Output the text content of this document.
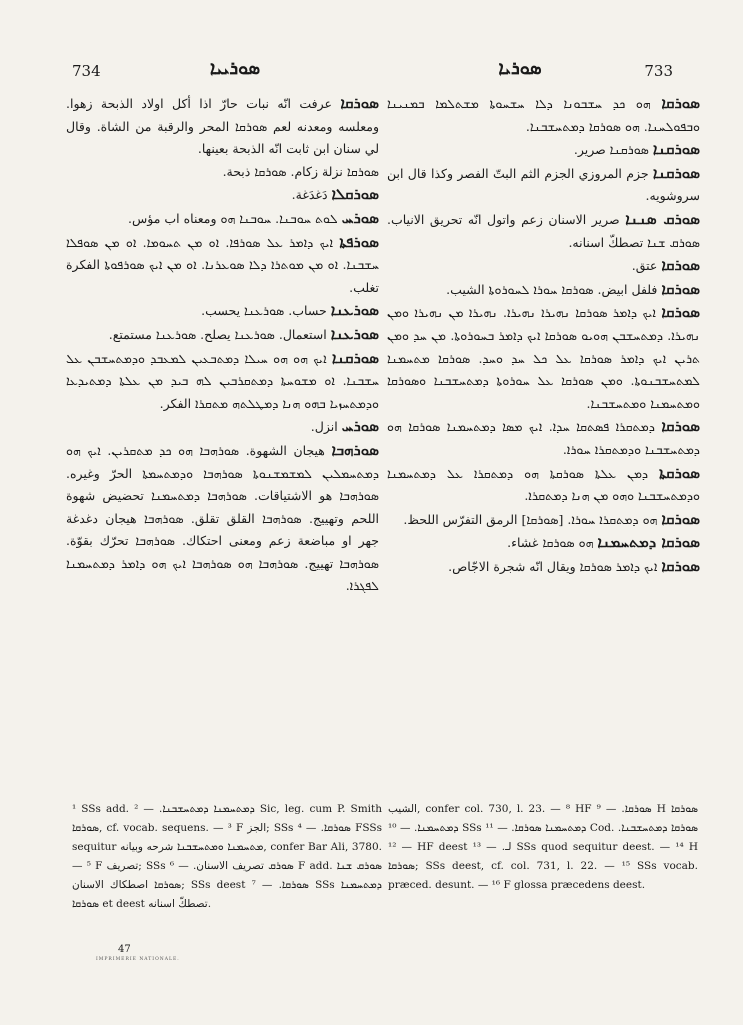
734	ܣܘܪܝܝܐ	ܣܘܪܝܐ	733

ܣܘܪܩܐ عرفت انّه نبات حارّ اذا أكل اولاد الذبحة زهوا. ومعلسه ومعدنه لعم ܣܘܪܩܐ المحر والرقبة من الشاة. وقال لي سنان ابن ثابت انّه الذبحة بعينها.

ܣܘܪܩܐ نزلة زكام. ܣܘܪܩܐ ذبحة.

ܣܘܪܩܠܐ دَغدَغة.

ܣܘܪܚ ܠܘܬ ܚܘܒܢܐ. ܚܘܒܢܐ ܗܘ ومعناه اب مؤس.

ܣܘܪܦܬܐ ܐܝܟ ܕܐܡܪ ܥܠ ܣܘܪܦܐ. ܐܘ ܡܢ ܬܚܘܡܐ. ܐܘ ܡܢ ܣܘܦܠܐ ܚܫܒܢܐ. ܐܘ ܡܢ ܡܘܬܪܐ ܕܠܐ ܣܘܥܪܢܐ. ܐܘ ܡܢ ܐܝܟ ܣܘܪܦܘܬܐ الفكرة تغلب.

ܣܘܪܥܢܐ حساب. ܣܘܪܥܢܐ يحسب.

ܣܘܪܥܢܐ استعمال. ܣܘܪܥܢܐ يصلح. ܣܘܪܥܢܐ مستمتع.

ܣܘܪܩܢܐ ܐܝܟ ܗܘ ܗܘ ܚܝܠܐ ܕܡܬܒܥܝܢ ܠܡܥܒܕ ܘܕܡܬܚܫܒܢ ܥܠ ܚܫܒܢܐ. ܐܘ ܡܫܘܚܬܐ ܕܡܬܩܪܒܝܢ ܠܗ ܒܝܕ ܡܢ ܥܠܬܐ ܕܡܬܝܕܥܐ ܘܕܡܬܚܙܝܐ ܒܗܘ ܗܢܐ ܕܡܛܠܬܗ ܡܬܩܪܐ الفكر.

ܣܘܪܚ انزل.

ܣܘܪܗܒܐ هيجان الشهوة. ܣܘܪܗܒܐ ܗܘ ܟܕ ܡܬܩܪܝܢ. ܐܝܟ ܗܘ ܕܡܬܚܡܠܝܢ ܠܡܫܡܫܢܘܬܐ ܣܘܪܗܒܐ ܘܕܡܬܚܡܬܐ الحرّ وغيره. ܣܘܪܗܒܐ هو الاشتياقات. ܣܘܪܗܒܐ ܕܡܬܚܡܢܐ تحضيض شهوة اللحم وتهييج. ܣܘܪܗܒܐ القلق تقلق. ܣܘܪܗܒܐ هيجان دغدغة جهر او مباضعة زعم ومعنى احتكاك. ܣܘܪܗܒܐ تحرّك بقوّة. ܣܘܪܗܒܐ تهييج. ܣܘܪܗܒܐ ܗܘ ܣܘܪܗܒܐ ܐܝܟ ܗܘ ܕܐܡܪ ܕܡܬܚܡܢܐ ܠܦܓܪܐ.

ܣܘܪܩܐ ܗܘ ܟܕ ܚܫܒܘܢܐ ܕܠܐ ܚܫܚܘܬܐ ܡܫܬܠܡܐ ܒܡܢܝܢܐ ܘܒܦܘܠܚܢܐ. ܗܘ ܣܘܪܩܐ ܕܡܬܚܫܒܢܐ.

ܣܘܪܩܢܐ ܣܘܪܩܢܐ صرير.

ܣܘܪܩܢܐ جزم المروزي الجزم الثم البتّ الفصر وكذا قال ابن سروشويه.

ܣܘܪܩ ܣܢܢܐ صرير الاسنان زعم واتول انّه تحريق الانياب. ܣܘܪܩ ܫܢܐ تصطكّ اسنانه.

ܣܘܪܩܐ عتق.

ܣܘܪܩܐ فلفل ابيض. ܣܘܪܩܐ ܚܘܪܐ ܠܚܘܪܘܬܐ الشيب.

ܣܘܪܩܐ ܐܝܟ ܕܐܡܪ ܣܘܪܩܐ ܢܗܝܪܐ ܢܗܝܪܐ. ܢܗܝܪܐ ܡܢ ܢܗܝܪܐ ܘܡܢ ܢܗܝܪܐ. ܕܡܬܚܫܒܢ ܗܘܝܘ ܣܘܪܩܐ ܐܝܟ ܕܐܡܪ ܒܚܘܪܘܬܐ. ܡܢ ܚܕ ܘܡܢ ܬܪܝܢ ܐܝܟ ܕܐܡܪ ܣܘܪܩܐ ܥܠ ܟܠ ܚܕ ܘܚܕ. ܣܘܪܩܐ ܡܬܚܡܢܐ ܠܡܬܚܫܒܢܘܬܐ. ܘܡܢ ܣܘܪܩܐ ܥܠ ܚܘܪܘܬܐ ܕܡܬܚܫܒܢܐ ܘܣܘܪܩܐ ܘܡܬܚܡܢܐ ܘܡܬܚܫܒܢܐ.

ܣܘܪܩܐ ܕܡܬܩܪܐ ܦܣܬܩܐ ܚܕܐ. ܐܝܟ ܡܣܐ ܕܡܬܚܡܢܐ ܣܘܪܩܐ ܗܘ ܕܡܬܚܫܒܢܐ ܘܕܡܬܩܪܐ ܚܘܪܐ.

ܣܘܪܩܬܐ ܕܡܢ ܥܠܬܐ ܣܘܪܩܬܐ ܗܘ ܕܡܬܩܪܐ ܥܠ ܕܡܬܚܡܢܐ ܘܕܡܬܚܫܒܢܐ ܘܗܘ ܡܢ ܗܢܐ ܕܡܬܩܪܐ.

ܣܘܪܩܐ ܗܘ ܕܡܬܩܪܐ ܚܘܪܐ. [ܣܘܪܩܐ] الرمق التفرّس اللحظ.

ܣܘܪܩܐ ܕܡܬܚܡܢܐ ܗܘ ܣܘܪܩܐ غشاء.

ܣܘܪܩܐ ܐܝܟ ܕܐܡܪ ܣܘܪܩܐ ويقال انّه شجرة الاجّاص.

¹ SSs add. ܕܡܬܚܡܢܐ ܕܡܬܚܫܒܢܐ. — ² Sic, leg. cum P. Smith ܣܘܪܩܐ, cf. vocab. sequens. — ³ F الجز; SSs ܣܘܪܩܐ. — ⁴ FSSs sequitur ܡܬܚܡܢܐ ܘܡܬܚܫܒܢܐ شرحه وبيانه, confer Bar Ali, 3780. — ⁵ F تصريف; SSs ܣܘܪܩ تصريف الاسنان. — ⁶ F add. ܣܘܪܩ ܫܢܐ ܣܘܪܩܐ اصطكاك الاسنان; SSs deest ܣܘܪܩܐ. — ⁷ SSs ܕܡܬܚܡܢܐ ܣܘܪܩܐ et deest تصطكّ اسنانه.
الشيب, confer col. 730, l. 23. — ⁸ HF ܣܘܪܩܐ. — ⁹ H ܣܘܪܩܐ ܕܡܬܚܡܢܐ. — ¹⁰ SSs ܕܡܬܚܡܢܐ ܣܘܪܩܐ. — ¹¹ Cod. ܣܘܪܩܐ ܕܡܬܚܫܒܢܐ. — ¹² HF deest لـ. — ¹³ SSs quod sequitur deest. — ¹⁴ H ܣܘܪܩܐ; SSs deest, cf. col. 731, l. 22. — ¹⁵ SSs vocab. præced. desunt. — ¹⁶ F glossa præcedens deest.
47
IMPRIMERIE NATIONALE.
